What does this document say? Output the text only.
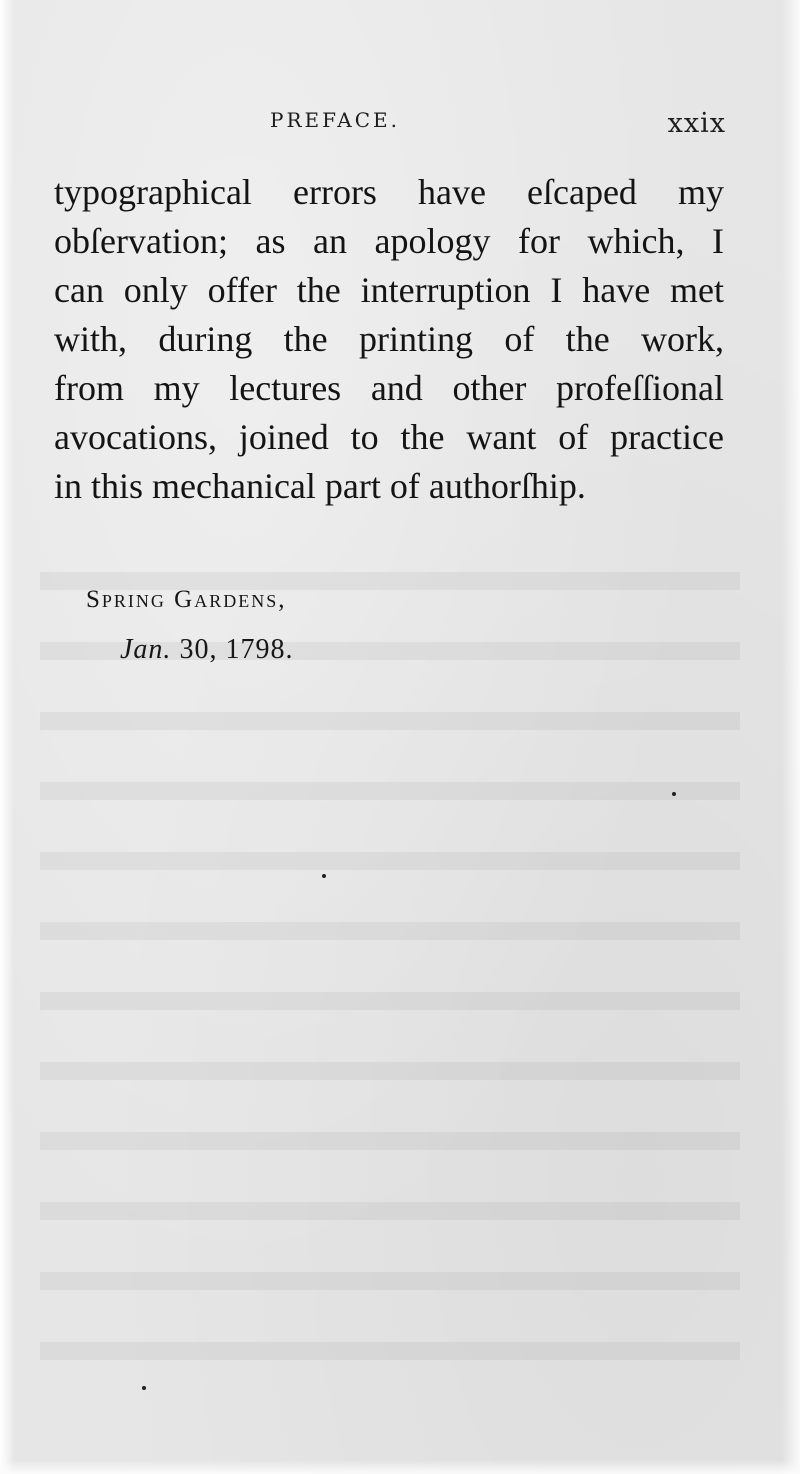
PREFACE.	xxix
typographical errors have eſcaped my
obſervation; as an apology for which, I
can only offer the interruption I have met
with, during the printing of the work,
from my lectures and other profeſſional
avocations, joined to the want of practice
in this mechanical part of authorſhip.
Spring Gardens,
Jan. 30, 1798.
